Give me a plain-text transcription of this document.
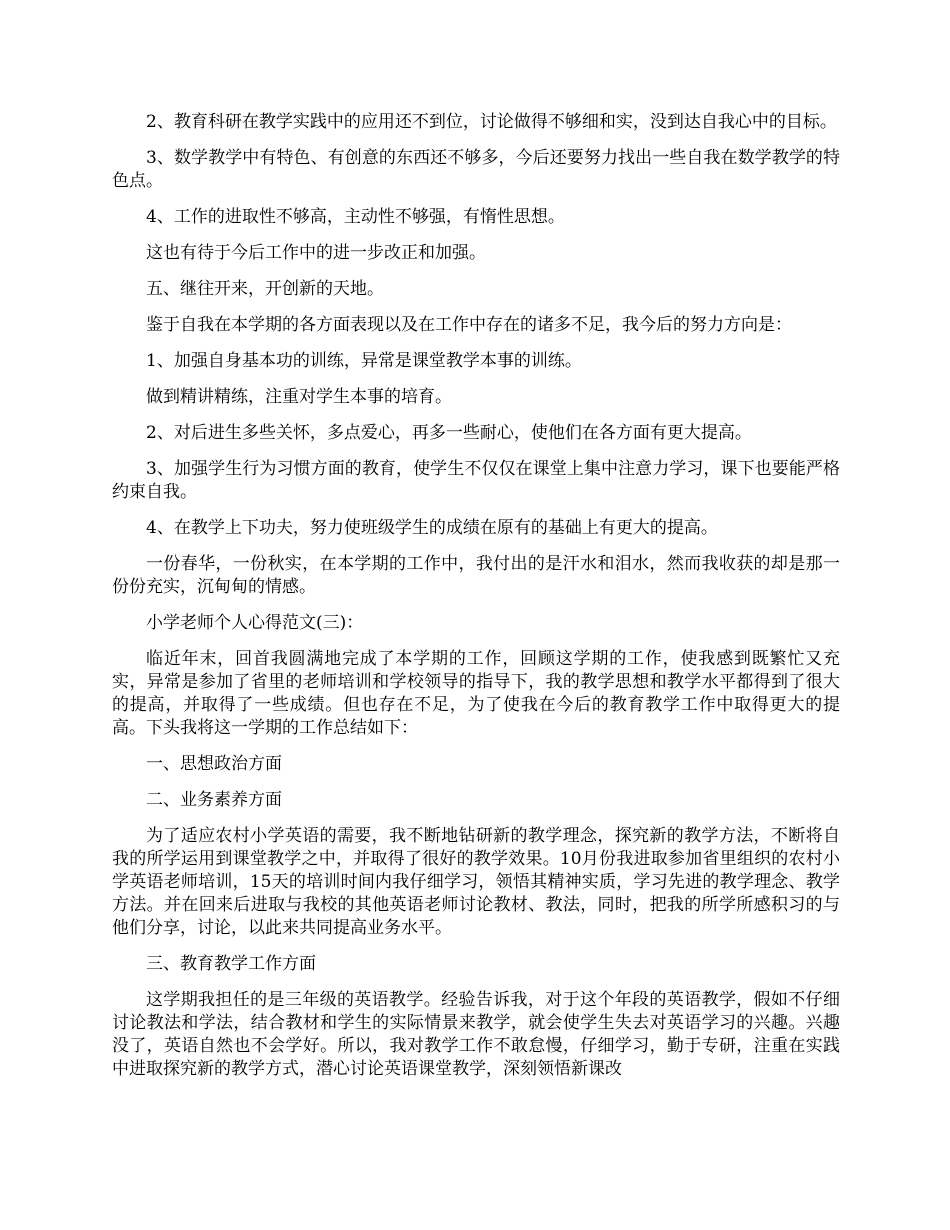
2、教育科研在教学实践中的应用还不到位，讨论做得不够细和实，没到达自我心中的目标。

3、数学教学中有特色、有创意的东西还不够多，今后还要努力找出一些自我在数学教学的特色点。

4、工作的进取性不够高，主动性不够强，有惰性思想。

这也有待于今后工作中的进一步改正和加强。

五、继往开来，开创新的天地。

鉴于自我在本学期的各方面表现以及在工作中存在的诸多不足，我今后的努力方向是：

1、加强自身基本功的训练，异常是课堂教学本事的训练。

做到精讲精练，注重对学生本事的培育。

2、对后进生多些关怀，多点爱心，再多一些耐心，使他们在各方面有更大提高。

3、加强学生行为习惯方面的教育，使学生不仅仅在课堂上集中注意力学习，课下也要能严格约束自我。

4、在教学上下功夫，努力使班级学生的成绩在原有的基础上有更大的提高。

一份春华，一份秋实，在本学期的工作中，我付出的是汗水和泪水，然而我收获的却是那一份份充实，沉甸甸的情感。

小学老师个人心得范文(三)：

临近年末，回首我圆满地完成了本学期的工作，回顾这学期的工作，使我感到既繁忙又充实，异常是参加了省里的老师培训和学校领导的指导下，我的教学思想和教学水平都得到了很大的提高，并取得了一些成绩。但也存在不足，为了使我在今后的教育教学工作中取得更大的提高。下头我将这一学期的工作总结如下：

一、思想政治方面

二、业务素养方面

为了适应农村小学英语的需要，我不断地钻研新的教学理念，探究新的教学方法，不断将自我的所学运用到课堂教学之中，并取得了很好的教学效果。10月份我进取参加省里组织的农村小学英语老师培训，15天的培训时间内我仔细学习，领悟其精神实质，学习先进的教学理念、教学方法。并在回来后进取与我校的其他英语老师讨论教材、教法，同时，把我的所学所感积习的与他们分享，讨论，以此来共同提高业务水平。

三、教育教学工作方面

这学期我担任的是三年级的英语教学。经验告诉我，对于这个年段的英语教学，假如不仔细讨论教法和学法，结合教材和学生的实际情景来教学，就会使学生失去对英语学习的兴趣。兴趣没了，英语自然也不会学好。所以，我对教学工作不敢怠慢，仔细学习，勤于专研，注重在实践中进取探究新的教学方式，潜心讨论英语课堂教学，深刻领悟新课改
